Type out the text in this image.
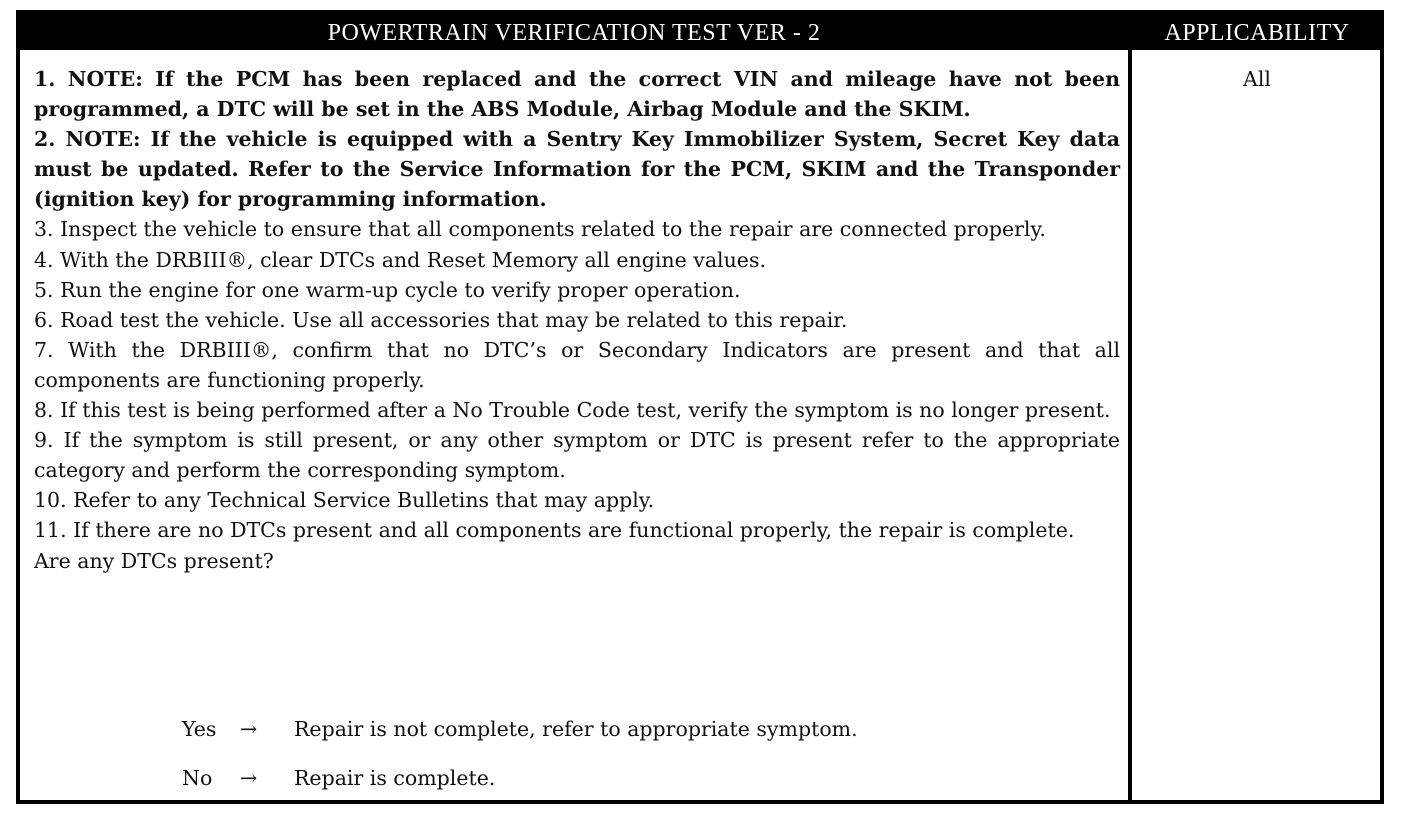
POWERTRAIN VERIFICATION TEST VER - 2	APPLICABILITY

1. NOTE: If the PCM has been replaced and the correct VIN and mileage have not been programmed, a DTC will be set in the ABS Module, Airbag Module and the SKIM.

2. NOTE: If the vehicle is equipped with a Sentry Key Immobilizer System, Secret Key data must be updated. Refer to the Service Information for the PCM, SKIM and the Transponder (ignition key) for programming information.

3. Inspect the vehicle to ensure that all components related to the repair are connected properly.

4. With the DRBIII®, clear DTCs and Reset Memory all engine values.

5. Run the engine for one warm-up cycle to verify proper operation.

6. Road test the vehicle. Use all accessories that may be related to this repair.

7. With the DRBIII®, confirm that no DTC’s or Secondary Indicators are present and that all components are functioning properly.

8. If this test is being performed after a No Trouble Code test, verify the symptom is no longer present.

9. If the symptom is still present, or any other symptom or DTC is present refer to the appropriate category and perform the corresponding symptom.

10. Refer to any Technical Service Bulletins that may apply.

11. If there are no DTCs present and all components are functional properly, the repair is complete.

Are any DTCs present?

Yes → Repair is not complete, refer to appropriate symptom.
No → Repair is complete.
All
